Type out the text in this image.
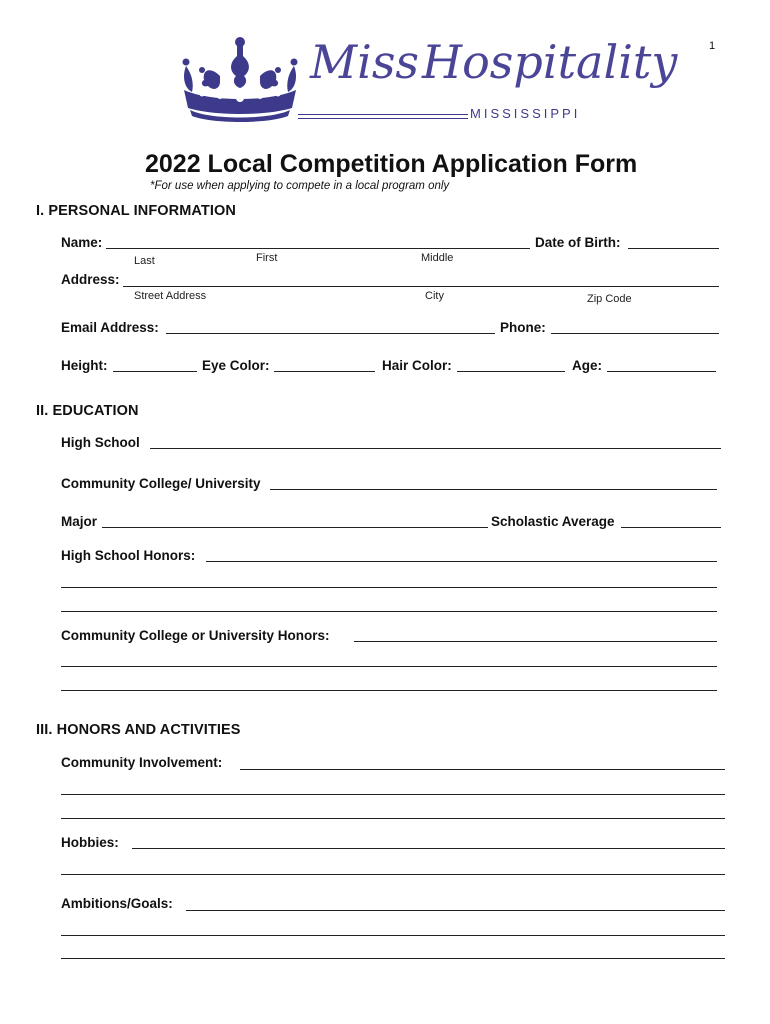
1
Miss Hospitality
MISSISSIPPI
2022 Local Competition Application Form
*For use when applying to compete in a local program only
I. PERSONAL INFORMATION
Name:	Date of Birth:
Last	First	Middle
Address:
Street Address	City	Zip Code
Email Address:	Phone:
Height:	Eye Color:	Hair Color:	Age:
II. EDUCATION
High School
Community College/ University
Major	Scholastic Average
High School Honors:
Community College or University Honors:
III. HONORS AND ACTIVITIES
Community Involvement:
Hobbies:
Ambitions/Goals:
